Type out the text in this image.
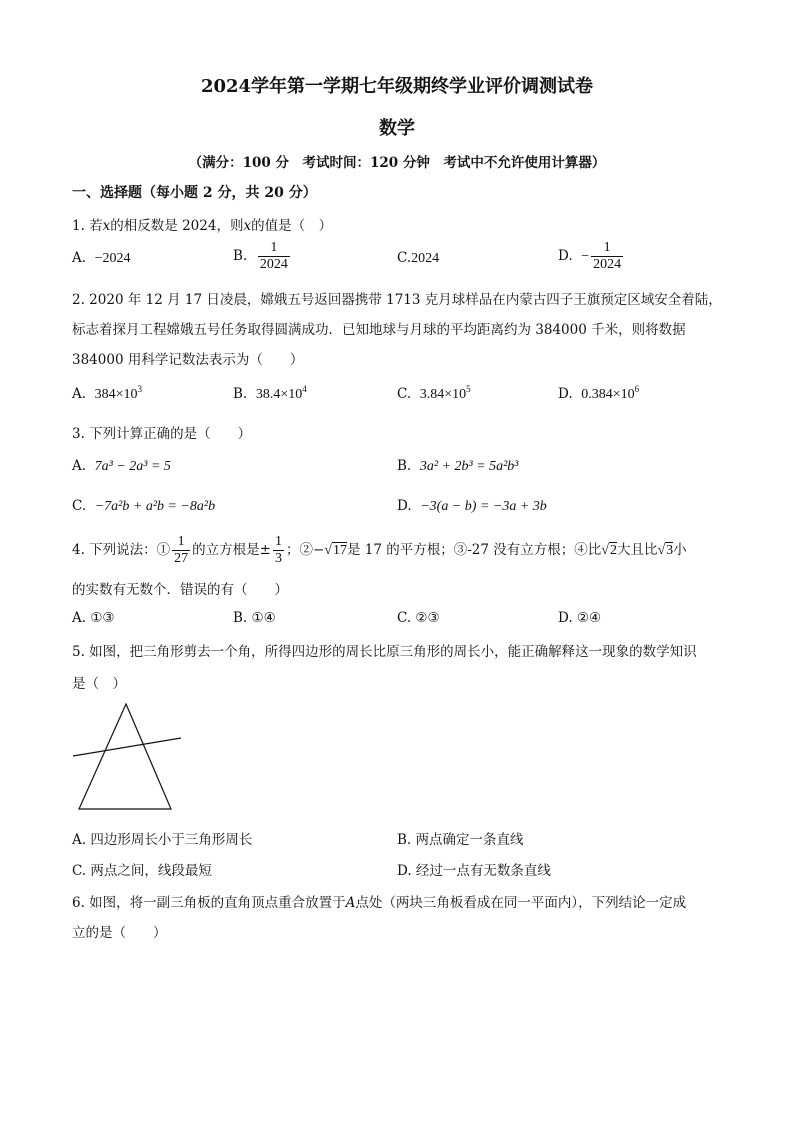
2024学年第一学期七年级期终学业评价调测试卷
数学
（满分：100 分　考试时间：120 分钟　考试中不允许使用计算器）
一、选择题（每小题 2 分，共 20 分）
1. 若x的相反数是 2024，则x的值是（　）
A. −2024	B. $\frac{1}{2024}$	C.2024	D. − $\frac{1}{2024}$
2. 2020 年 12 月 17 日凌晨，嫦娥五号返回器携带 1713 克月球样品在内蒙古四子王旗预定区域安全着陆，
标志着探月工程嫦娥五号任务取得圆满成功．已知地球与月球的平均距离约为 384000 千米，则将数据
384000 用科学记数法表示为（　　）
A. $384\times 10^3$	B. $38.4\times 10^4$	C. $3.84\times 10^5$	D. $0.384\times 10^6$
3. 下列计算正确的是（　　）
A. 7a³ − 2a³ = 5	B. 3a² + 2b³ = 5a²b³
C. −7a²b + a²b = −8a²b	D. −3(a − b) = −3a + 3b
4. 下列说法：① $\frac{1}{27}$ 的立方根是± $\frac{1}{3}$ ；②−√17是 17 的平方根；③-27 没有立方根；④比√2大且比√3小
的实数有无数个．错误的有（　　）
A. ①③	B. ①④	C. ②③	D. ②④
5. 如图，把三角形剪去一个角，所得四边形的周长比原三角形的周长小，能正确解释这一现象的数学知识
是（　）
A. 四边形周长小于三角形周长	B. 两点确定一条直线
C. 两点之间，线段最短	D. 经过一点有无数条直线
6. 如图，将一副三角板的直角顶点重合放置于A点处（两块三角板看成在同一平面内），下列结论一定成
立的是（　　）
